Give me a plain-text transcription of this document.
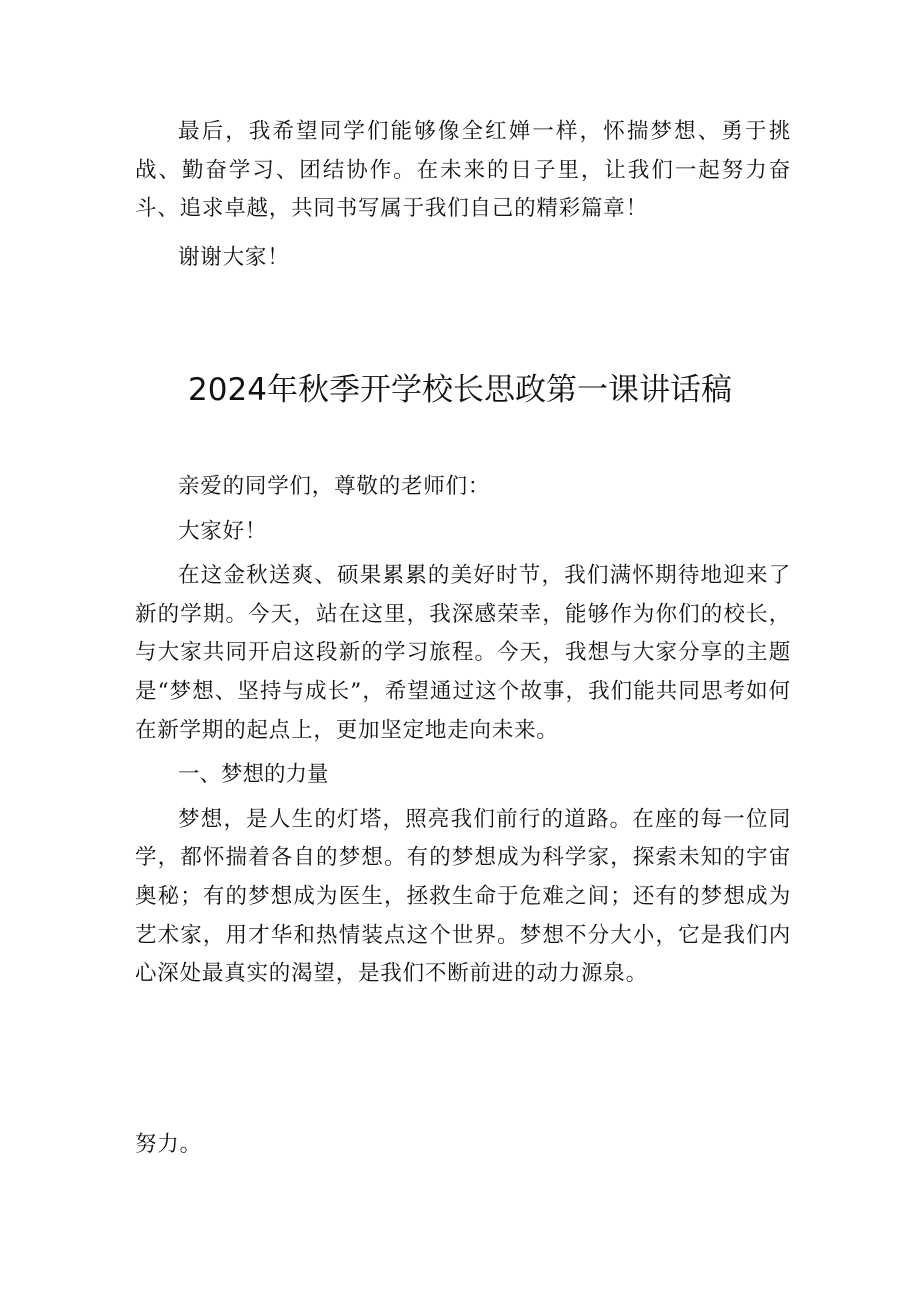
最后，我希望同学们能够像全红婵一样，怀揣梦想、勇于挑战、勤奋学习、团结协作。在未来的日子里，让我们一起努力奋斗、追求卓越，共同书写属于我们自己的精彩篇章！

谢谢大家！

2024年秋季开学校长思政第一课讲话稿

亲爱的同学们，尊敬的老师们：

大家好！

在这金秋送爽、硕果累累的美好时节，我们满怀期待地迎来了新的学期。今天，站在这里，我深感荣幸，能够作为你们的校长，与大家共同开启这段新的学习旅程。今天，我想与大家分享的主题是“梦想、坚持与成长”，希望通过这个故事，我们能共同思考如何在新学期的起点上，更加坚定地走向未来。

一、梦想的力量

梦想，是人生的灯塔，照亮我们前行的道路。在座的每一位同学，都怀揣着各自的梦想。有的梦想成为科学家，探索未知的宇宙奥秘；有的梦想成为医生，拯救生命于危难之间；还有的梦想成为艺术家，用才华和热情装点这个世界。梦想不分大小，它是我们内心深处最真实的渴望，是我们不断前进的动力源泉。

努力。
